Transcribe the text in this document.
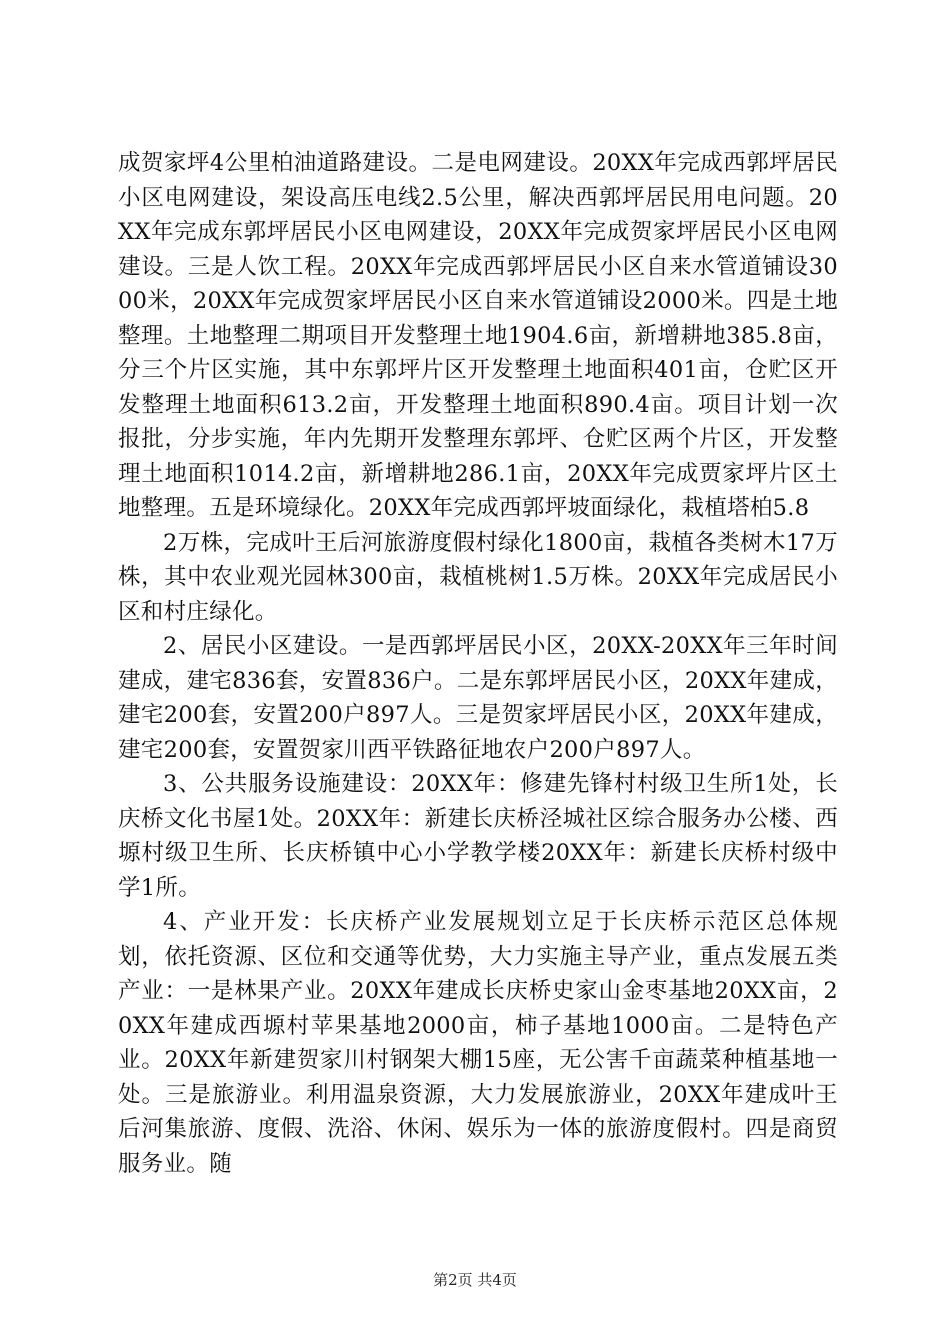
成贺家坪4公里柏油道路建设。二是电网建设。20XX年完成西郭坪居民小区电网建设，架设高压电线2.5公里，解决西郭坪居民用电问题。20XX年完成东郭坪居民小区电网建设，20XX年完成贺家坪居民小区电网建设。三是人饮工程。20XX年完成西郭坪居民小区自来水管道铺设3000米，20XX年完成贺家坪居民小区自来水管道铺设2000米。四是土地整理。土地整理二期项目开发整理土地1904.6亩，新增耕地385.8亩，分三个片区实施，其中东郭坪片区开发整理土地面积401亩，仓贮区开发整理土地面积613.2亩，开发整理土地面积890.4亩。项目计划一次报批，分步实施，年内先期开发整理东郭坪、仓贮区两个片区，开发整理土地面积1014.2亩，新增耕地286.1亩，20XX年完成贾家坪片区土地整理。五是环境绿化。20XX年完成西郭坪坡面绿化，栽植塔柏5.8

2万株，完成叶王后河旅游度假村绿化1800亩，栽植各类树木17万株，其中农业观光园林300亩，栽植桃树1.5万株。20XX年完成居民小区和村庄绿化。

2、居民小区建设。一是西郭坪居民小区，20XX-20XX年三年时间建成，建宅836套，安置836户。二是东郭坪居民小区，20XX年建成，建宅200套，安置200户897人。三是贺家坪居民小区，20XX年建成，建宅200套，安置贺家川西平铁路征地农户200户897人。

3、公共服务设施建设：20XX年：修建先锋村村级卫生所1处，长庆桥文化书屋1处。20XX年：新建长庆桥泾城社区综合服务办公楼、西塬村级卫生所、长庆桥镇中心小学教学楼20XX年：新建长庆桥村级中学1所。

4、产业开发：长庆桥产业发展规划立足于长庆桥示范区总体规划，依托资源、区位和交通等优势，大力实施主导产业，重点发展五类产业：一是林果产业。20XX年建成长庆桥史家山金枣基地20XX亩，20XX年建成西塬村苹果基地2000亩，柿子基地1000亩。二是特色产业。20XX年新建贺家川村钢架大棚15座，无公害千亩蔬菜种植基地一处。三是旅游业。利用温泉资源，大力发展旅游业，20XX年建成叶王后河集旅游、度假、洗浴、休闲、娱乐为一体的旅游度假村。四是商贸服务业。随

第2页 共4页
